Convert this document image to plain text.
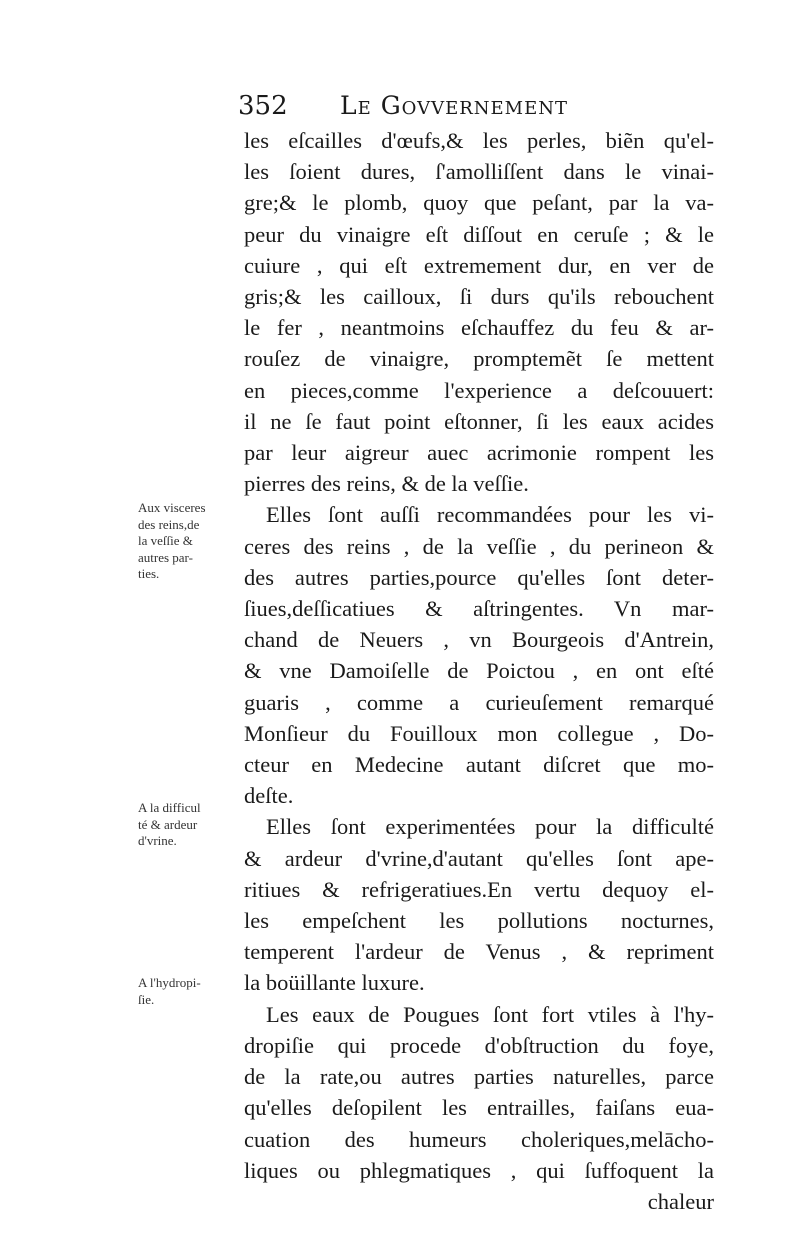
352 Le Govvernement
les eſcailles d'œufs,& les perles, biẽn qu'el-
les ſoient dures, ſ'amolliſſent dans le vinai-
gre;& le plomb, quoy que peſant, par la va-
peur du vinaigre eſt diſſout en ceruſe ; & le
cuiure , qui eſt extremement dur, en ver de
gris;& les cailloux, ſi durs qu'ils rebouchent
le fer , neantmoins eſchauffez du feu & ar-
rouſez de vinaigre, promptemẽt ſe mettent
en pieces,comme l'experience a deſcouuert:
il ne ſe faut point eſtonner, ſi les eaux acides
par leur aigreur auec acrimonie rompent les
pierres des reins, & de la veſſie.
Elles ſont auſſi recommandées pour les vi-
ceres des reins , de la veſſie , du perineon &
des autres parties,pource qu'elles ſont deter-
ſiues,deſſicatiues & aſtringentes. Vn mar-
chand de Neuers , vn Bourgeois d'Antrein,
& vne Damoiſelle de Poictou , en ont eſté
guaris , comme a curieuſement remarqué
Monſieur du Fouilloux mon collegue , Do-
cteur en Medecine autant diſcret que mo-
deſte.
Elles ſont experimentées pour la difficulté
& ardeur d'vrine,d'autant qu'elles ſont ape-
ritiues & refrigeratiues.En vertu dequoy el-
les empeſchent les pollutions nocturnes,
temperent l'ardeur de Venus , & repriment
la boüillante luxure.
Les eaux de Pougues ſont fort vtiles à l'hy-
dropiſie qui procede d'obſtruction du foye,
de la rate,ou autres parties naturelles, parce
qu'elles deſopilent les entrailles, faiſans eua-
cuation des humeurs choleriques,melācho-
liques ou phlegmatiques , qui ſuffoquent la
chaleur
Aux visceres
des reins,de
la veſſie &
autres par-
ties.
A la difficul
té & ardeur
d'vrine.
A l'hydropi-
ſie.
